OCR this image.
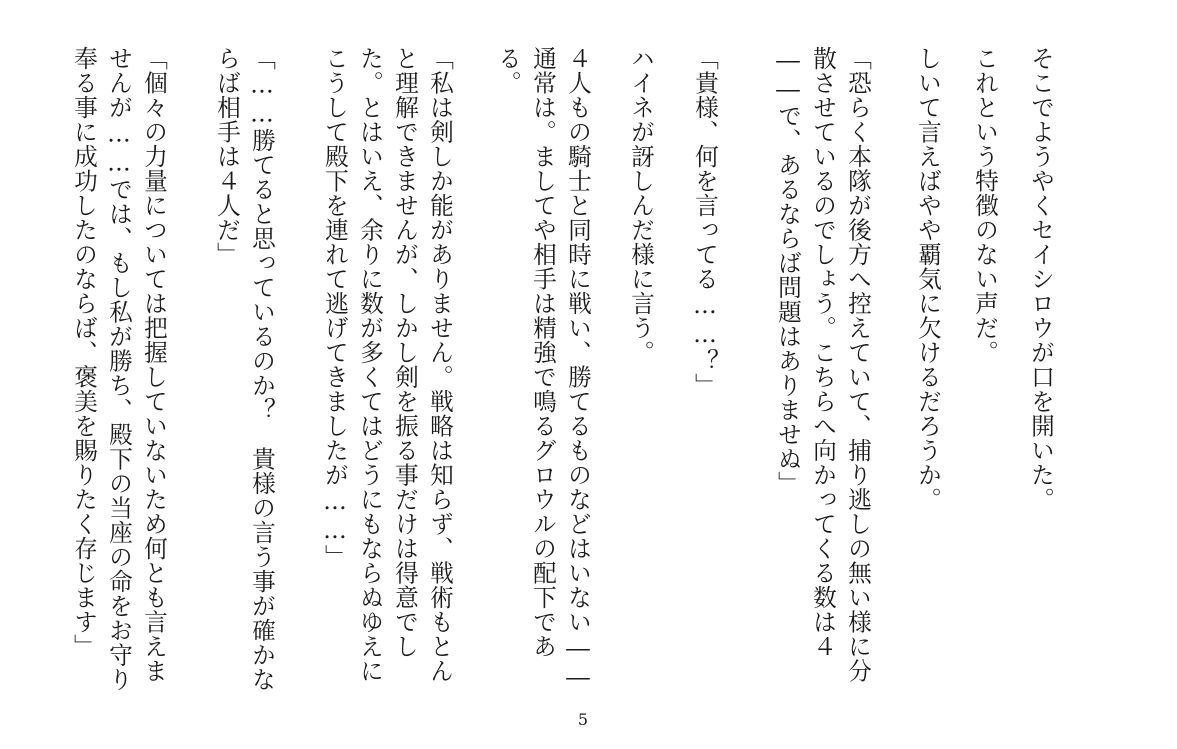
そこでようやくセイシロウが口を開いた。
これという特徴のない声だ。
しいて言えばやや覇気に欠けるだろうか。
「恐らく本隊が後方へ控えていて、捕り逃しの無い様に分散させているのでしょう。こちらへ向かってくる数は４――で、あるならば問題はありませぬ」
「貴様、何を言ってる……？」
ハイネが訝しんだ様に言う。
４人もの騎士と同時に戦い、勝てるものなどはいない――通常は。ましてや相手は精強で鳴るグロウルの配下である。
「私は剣しか能がありません。戦略は知らず、戦術もとんと理解できませんが、しかし剣を振る事だけは得意でした。とはいえ、余りに数が多くてはどうにもならぬゆえにこうして殿下を連れて逃げてきましたが……」
「……勝てると思っているのか？　貴様の言う事が確かならば相手は４人だ」
「個々の力量については把握していないため何とも言えませんが……では、もし私が勝ち、殿下の当座の命をお守り奉る事に成功したのならば、褒美を賜りたく存じます」
5
